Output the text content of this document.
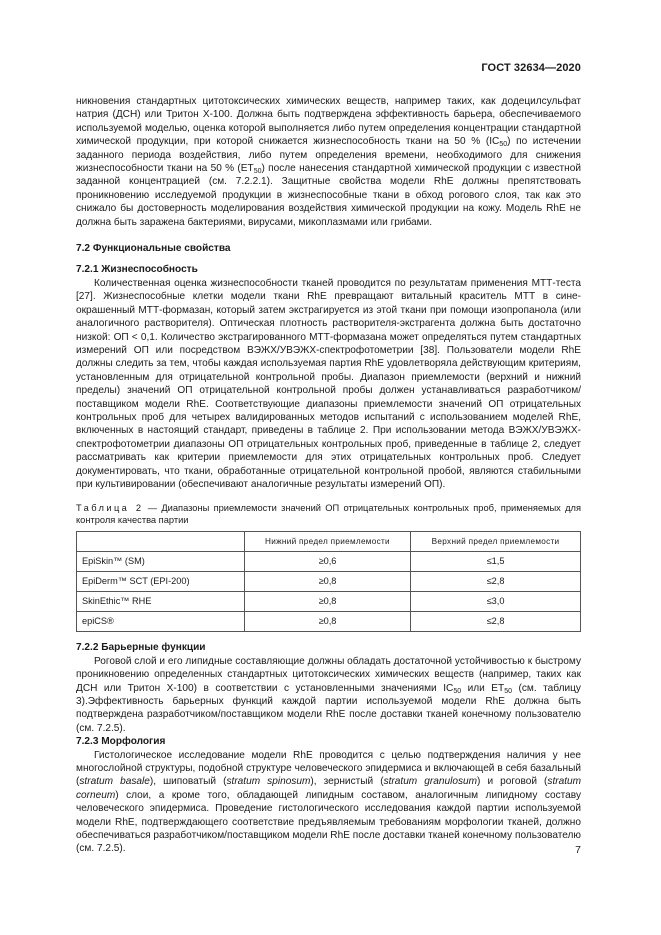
ГОСТ 32634—2020

никновения стандартных цитотоксических химических веществ, например таких, как додецилсульфат натрия (ДСН) или Тритон Х-100. Должна быть подтверждена эффективность барьера, обеспечиваемого используемой моделью, оценка которой выполняется либо путем определения концентрации стандартной химической продукции, при которой снижается жизнеспособность ткани на 50 % $(IC_{50})$ по истечении заданного периода воздействия, либо путем определения времени, необходимого для снижения жизнеспособности ткани на 50 % $(ET_{50})$ после нанесения стандартной химической продукции с известной заданной концентрацией (см. 7.2.2.1). Защитные свойства модели RhE должны препятствовать проникновению исследуемой продукции в жизнеспособные ткани в обход рогового слоя, так как это снижало бы достоверность моделирования воздействия химической продукции на кожу. Модель RhE не должна быть заражена бактериями, вирусами, микоплазмами или грибами.

7.2 Функциональные свойства
7.2.1 Жизнеспособность

Количественная оценка жизнеспособности тканей проводится по результатам применения МТТ-теста [27]. Жизнеспособные клетки модели ткани RhE превращают витальный краситель МТТ в сине-окрашенный МТТ-формазан, который затем экстрагируется из этой ткани при помощи изопропанола (или аналогичного растворителя). Оптическая плотность растворителя-экстрагента должна быть достаточно низкой: ОП < 0,1. Количество экстрагированного МТТ-формазана может определяться путем стандартных измерений ОП или посредством ВЭЖХ/УВЭЖХ-спектрофотометрии [38]. Пользователи модели RhE должны следить за тем, чтобы каждая используемая партия RhE удовлетворяла действующим критериям, установленным для отрицательной контрольной пробы. Диапазон приемлемости (верхний и нижний пределы) значений ОП отрицательной контрольной пробы должен устанавливаться разработчиком/поставщиком модели RhE. Соответствующие диапазоны приемлемости значений ОП отрицательных контрольных проб для четырех валидированных методов испытаний с использованием моделей RhE, включенных в настоящий стандарт, приведены в таблице 2. При использовании метода ВЭЖХ/УВЭЖХ-спектрофотометрии диапазоны ОП отрицательных контрольных проб, приведенные в таблице 2, следует рассматривать как критерии приемлемости для этих отрицательных контрольных проб. Следует документировать, что ткани, обработанные отрицательной контрольной пробой, являются стабильными при культивировании (обеспечивают аналогичные результаты измерений ОП).

Таблица 2 — Диапазоны приемлемости значений ОП отрицательных контрольных проб, применяемых для контроля качества партии

	Нижний предел приемлемости	Верхний предел приемлемости
EpiSkin™ (SM)	≥0,6	≤1,5
EpiDerm™ SCT (EPI-200)	≥0,8	≤2,8
SkinEthic™ RHE	≥0,8	≤3,0
epiCS®	≥0,8	≤2,8
7.2.2 Барьерные функции

Роговой слой и его липидные составляющие должны обладать достаточной устойчивостью к быстрому проникновению определенных стандартных цитотоксических химических веществ (например, таких как ДСН или Тритон Х-100) в соответствии с установленными значениями $IC_{50}$ или $ET_{50}$ (см. таблицу 3).Эффективность барьерных функций каждой партии используемой модели RhE должна быть подтверждена разработчиком/поставщиком модели RhE после доставки тканей конечному пользователю (см. 7.2.5).

7.2.3 Морфология

Гистологическое исследование модели RhE проводится с целью подтверждения наличия у нее многослойной структуры, подобной структуре человеческого эпидермиса и включающей в себя базальный (stratum basale), шиповатый (stratum spinosum), зернистый (stratum granulosum) и роговой (stratum corneum) слои, а кроме того, обладающей липидным составом, аналогичным липидному составу человеческого эпидермиса. Проведение гистологического исследования каждой партии используемой модели RhE, подтверждающего соответствие предъявляемым требованиям морфологии тканей, должно обеспечиваться разработчиком/поставщиком модели RhE после доставки тканей конечному пользователю (см. 7.2.5).	7
